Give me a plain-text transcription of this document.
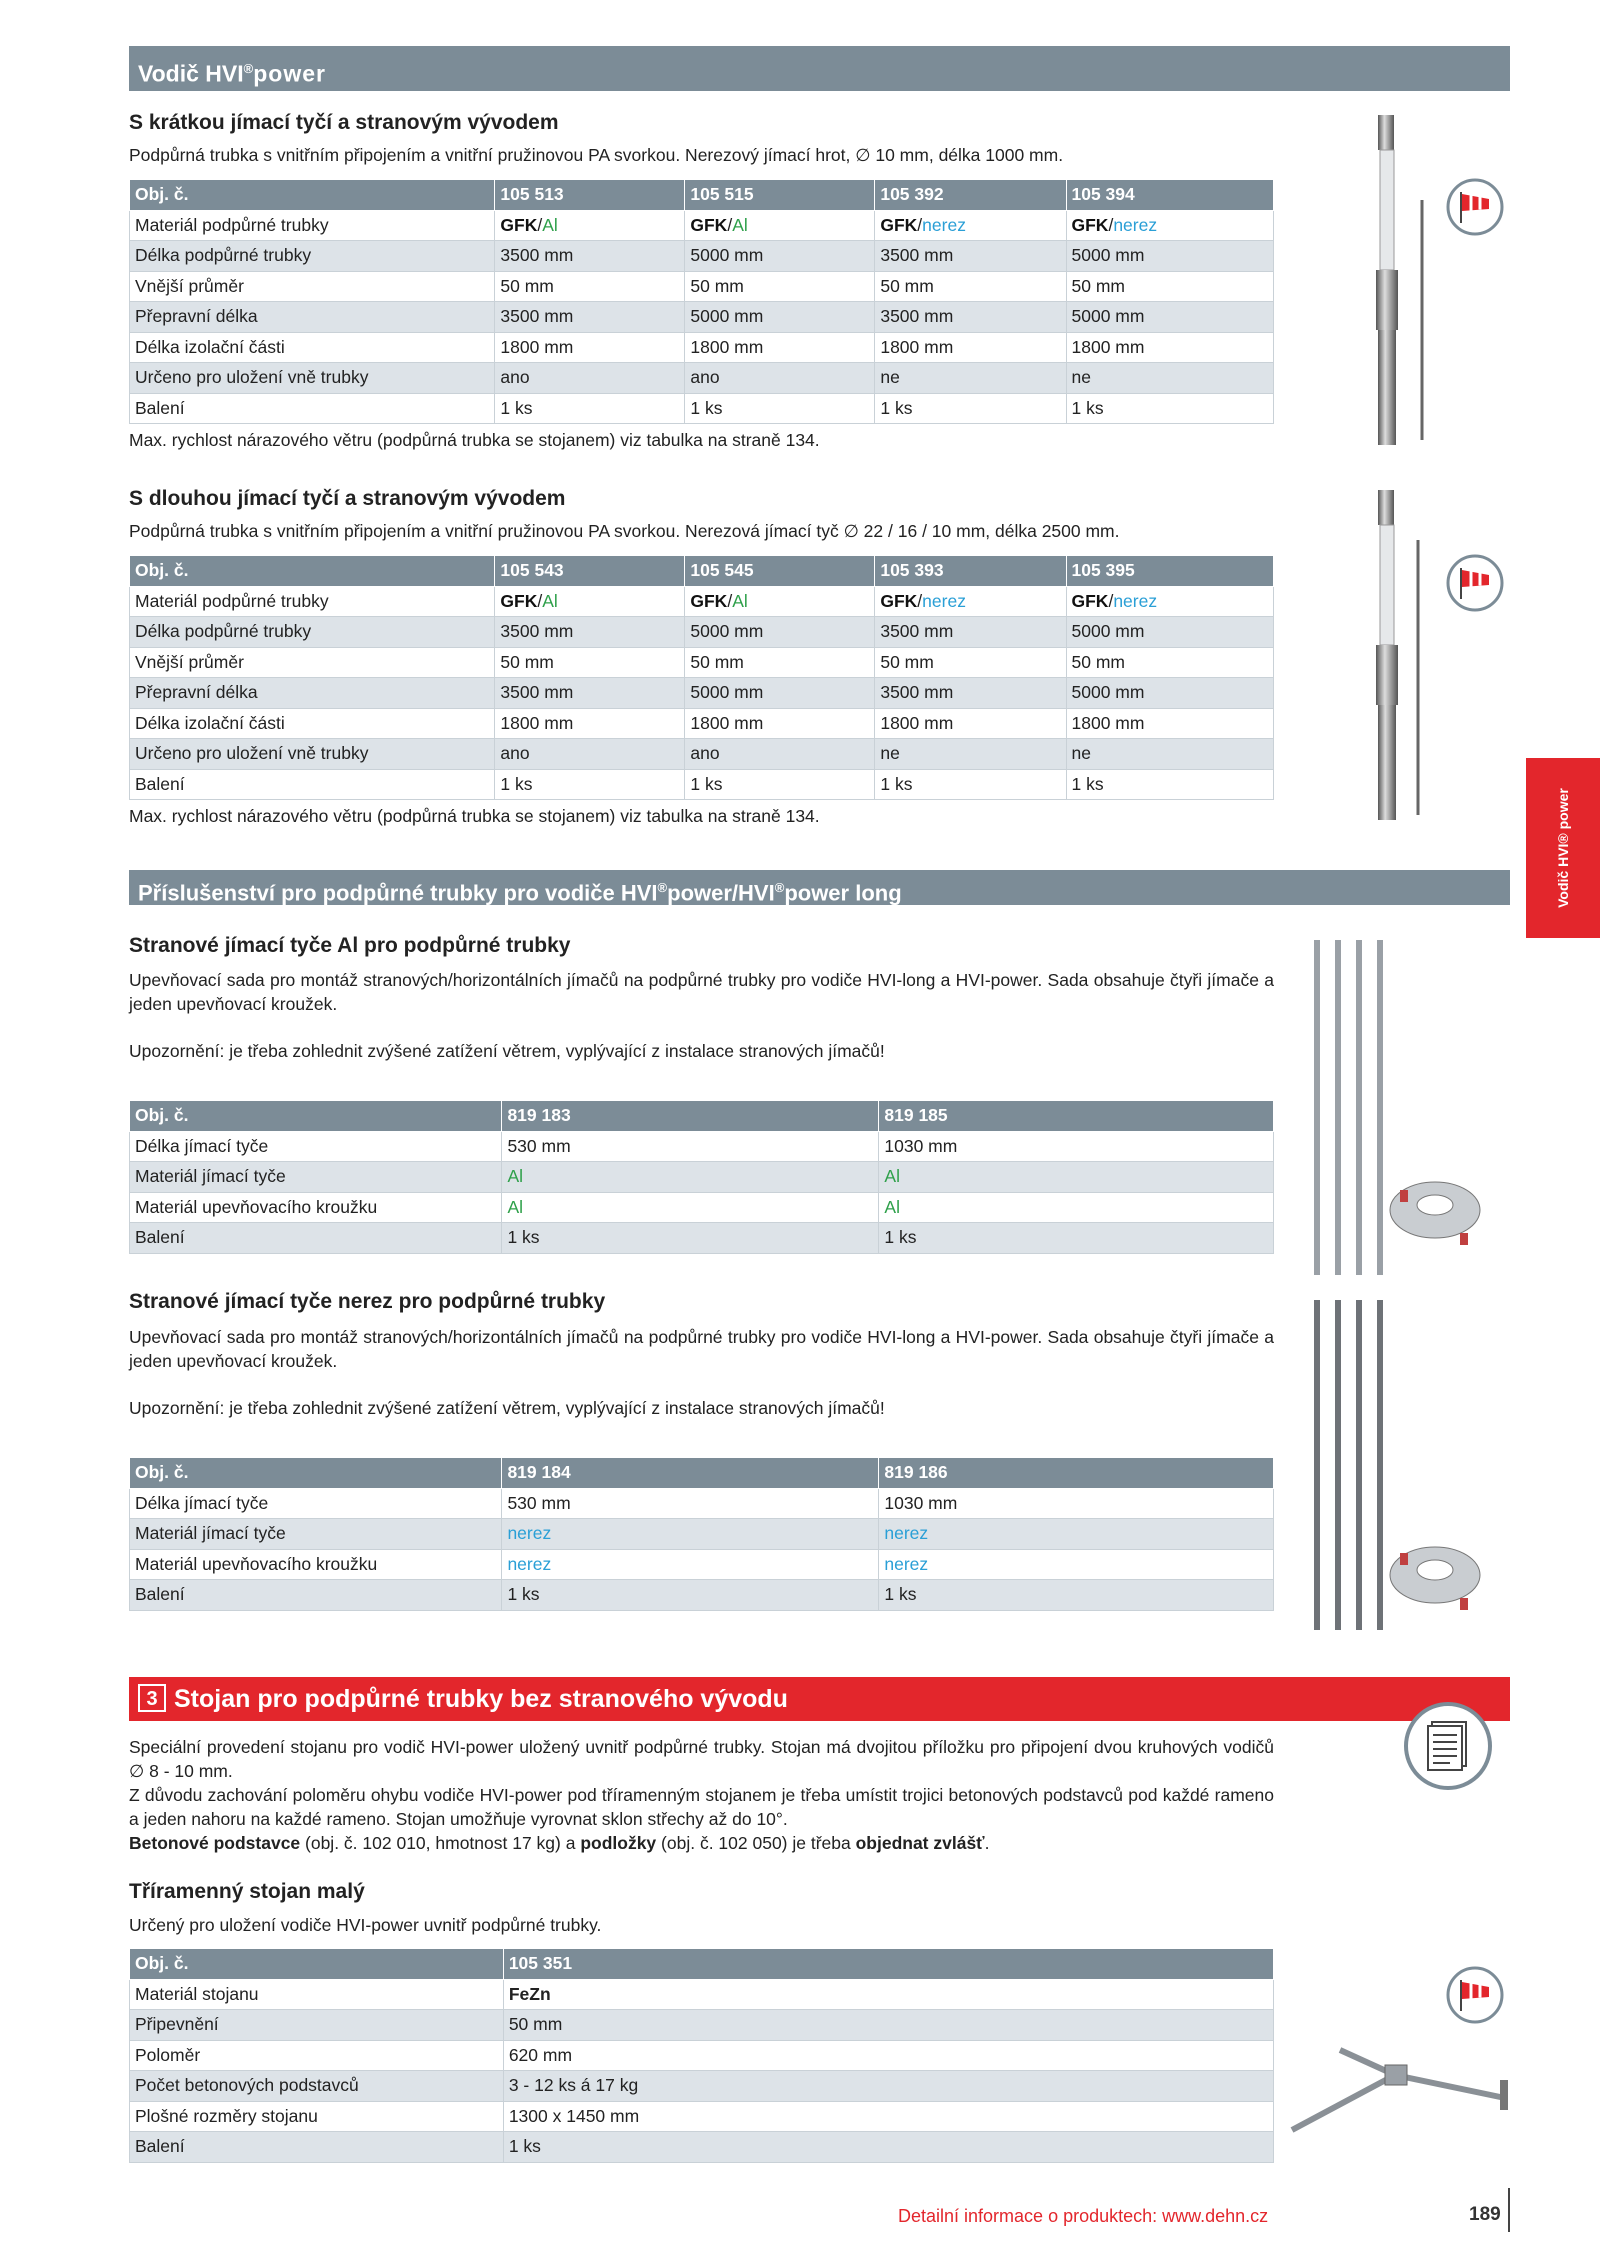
Vodič HVI®power
S krátkou jímací tyčí a stranovým vývodem
Podpůrná trubka s vnitřním připojením a vnitřní pružinovou PA svorkou. Nerezový jímací hrot, ∅ 10 mm, délka 1000 mm.
Obj. č.	105 513	105 515	105 392	105 394
Materiál podpůrné trubky	GFK/Al	GFK/Al	GFK/nerez	GFK/nerez
Délka podpůrné trubky	3500 mm	5000 mm	3500 mm	5000 mm
Vnější průměr	50 mm	50 mm	50 mm	50 mm
Přepravní délka	3500 mm	5000 mm	3500 mm	5000 mm
Délka izolační části	1800 mm	1800 mm	1800 mm	1800 mm
Určeno pro uložení vně trubky	ano	ano	ne	ne
Balení	1 ks	1 ks	1 ks	1 ks
Max. rychlost nárazového větru (podpůrná trubka se stojanem) viz tabulka na straně 134.
S dlouhou jímací tyčí a stranovým vývodem
Podpůrná trubka s vnitřním připojením a vnitřní pružinovou PA svorkou. Nerezová jímací tyč ∅ 22 / 16 / 10 mm, délka 2500 mm.
Obj. č.	105 543	105 545	105 393	105 395
Materiál podpůrné trubky	GFK/Al	GFK/Al	GFK/nerez	GFK/nerez
Délka podpůrné trubky	3500 mm	5000 mm	3500 mm	5000 mm
Vnější průměr	50 mm	50 mm	50 mm	50 mm
Přepravní délka	3500 mm	5000 mm	3500 mm	5000 mm
Délka izolační části	1800 mm	1800 mm	1800 mm	1800 mm
Určeno pro uložení vně trubky	ano	ano	ne	ne
Balení	1 ks	1 ks	1 ks	1 ks
Max. rychlost nárazového větru (podpůrná trubka se stojanem) viz tabulka na straně 134.
Příslušenství pro podpůrné trubky pro vodiče HVI®power/HVI®power long
Stranové jímací tyče Al pro podpůrné trubky
Upevňovací sada pro montáž stranových/horizontálních jímačů na podpůrné trubky pro vodiče HVI-long a HVI-power. Sada obsahuje čtyři jímače a jeden upevňovací kroužek.
Upozornění: je třeba zohlednit zvýšené zatížení větrem, vyplývající z instalace stranových jímačů!
Obj. č.	819 183	819 185
Délka jímací tyče	530 mm	1030 mm
Materiál jímací tyče	Al	Al
Materiál upevňovacího kroužku	Al	Al
Balení	1 ks	1 ks
Stranové jímací tyče nerez pro podpůrné trubky
Upevňovací sada pro montáž stranových/horizontálních jímačů na podpůrné trubky pro vodiče HVI-long a HVI-power. Sada obsahuje čtyři jímače a jeden upevňovací kroužek.
Upozornění: je třeba zohlednit zvýšené zatížení větrem, vyplývající z instalace stranových jímačů!
Obj. č.	819 184	819 186
Délka jímací tyče	530 mm	1030 mm
Materiál jímací tyče	nerez	nerez
Materiál upevňovacího kroužku	nerez	nerez
Balení	1 ks	1 ks
3 Stojan pro podpůrné trubky bez stranového vývodu
Speciální provedení stojanu pro vodič HVI-power uložený uvnitř podpůrné trubky. Stojan má dvojitou příložku pro připojení dvou kruhových vodičů ∅ 8 - 10 mm.
Z důvodu zachování poloměru ohybu vodiče HVI-power pod tříramenným stojanem je třeba umístit trojici betonových podstavců pod každé rameno a jeden nahoru na každé rameno. Stojan umožňuje vyrovnat sklon střechy až do 10°.
Betonové podstavce (obj. č. 102 010, hmotnost 17 kg) a podložky (obj. č. 102 050) je třeba objednat zvlášť.
Tříramenný stojan malý
Určený pro uložení vodiče HVI-power uvnitř podpůrné trubky.
Obj. č.	105 351
Materiál stojanu	FeZn
Připevnění	50 mm
Poloměr	620 mm
Počet betonových podstavců	3 - 12 ks á 17 kg
Plošné rozměry stojanu	1300 x 1450 mm
Balení	1 ks
Vodič HVI® power
Detailní informace o produktech: www.dehn.cz	189
